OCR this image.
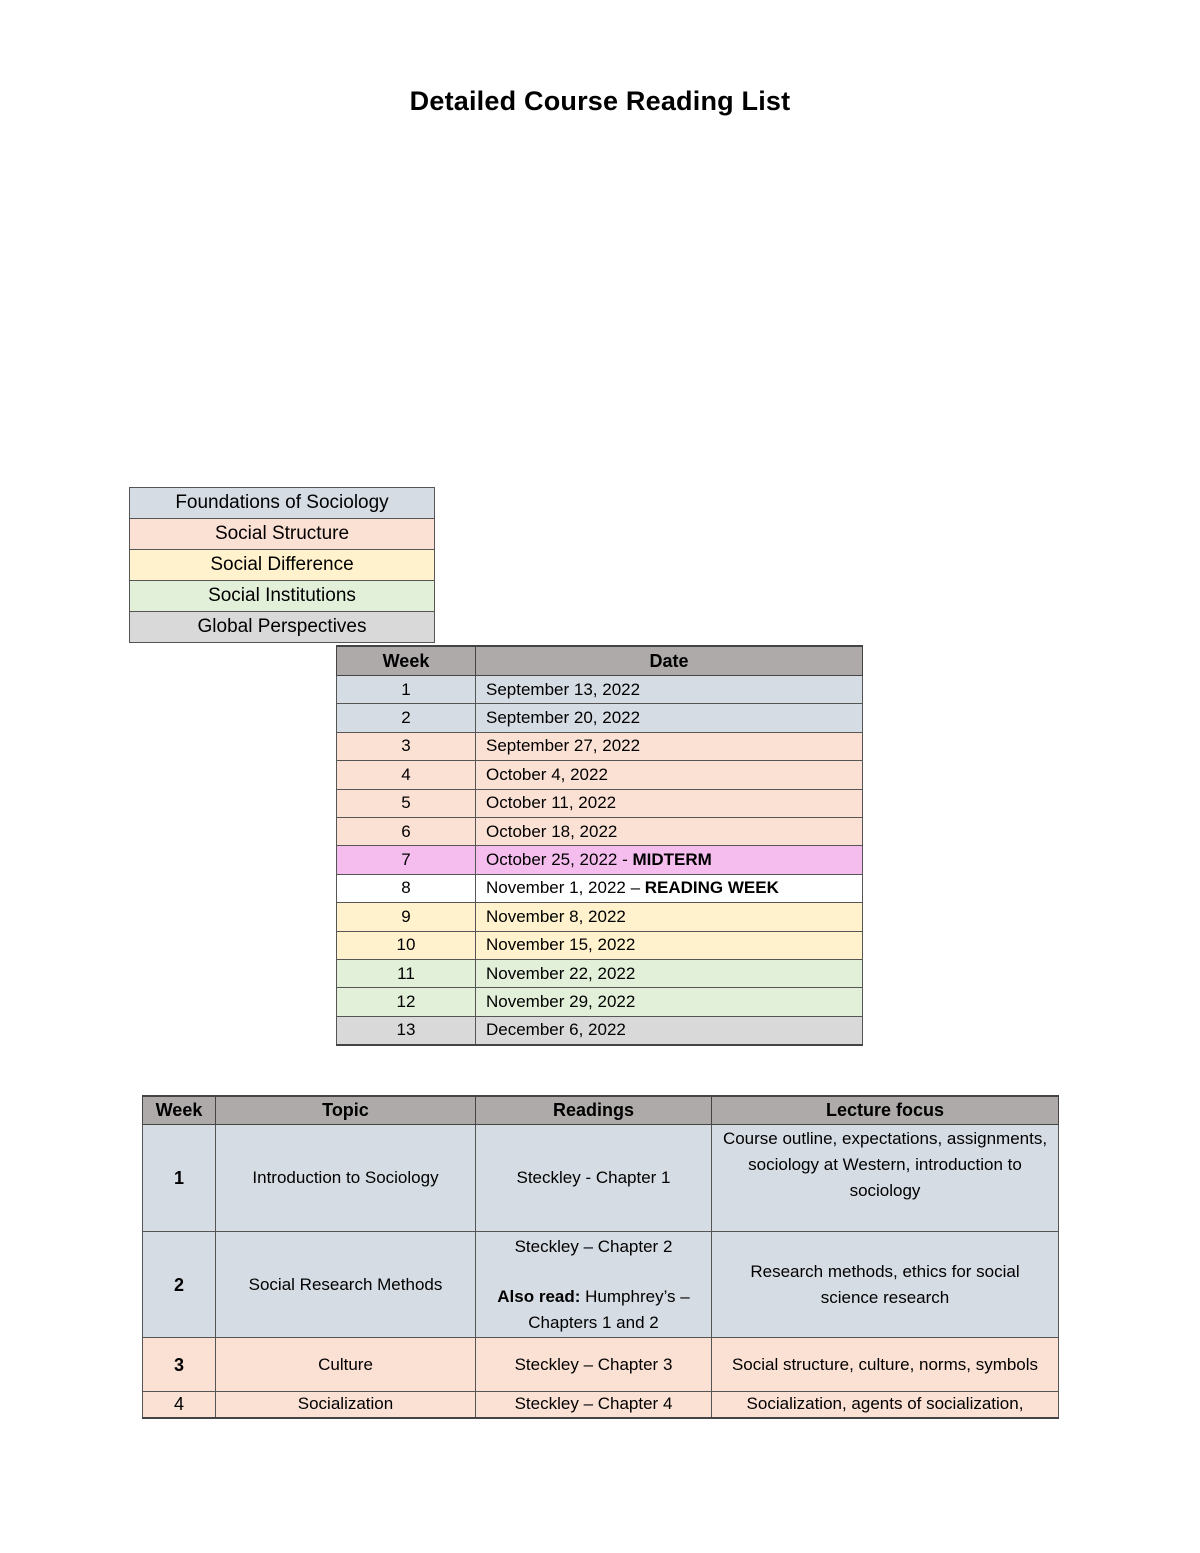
Detailed Course Reading List
Foundations of Sociology
Social Structure
Social Difference
Social Institutions
Global Perspectives
Week	Date
1	September 13, 2022
2	September 20, 2022
3	September 27, 2022
4	October 4, 2022
5	October 11, 2022
6	October 18, 2022
7	October 25, 2022 - MIDTERM
8	November 1, 2022 – READING WEEK
9	November 8, 2022
10	November 15, 2022
11	November 22, 2022
12	November 29, 2022
13	December 6, 2022
Week	Topic	Readings	Lecture focus
1	Introduction to Sociology	Steckley - Chapter 1	Course outline, expectations, assignments, sociology at Western, introduction to sociology
2	Social Research Methods	Steckley – Chapter 2
Also read: Humphrey’s – Chapters 1 and 2	Research methods, ethics for social science research
3	Culture	Steckley – Chapter 3	Social structure, culture, norms, symbols
4	Socialization	Steckley – Chapter 4	Socialization, agents of socialization,
